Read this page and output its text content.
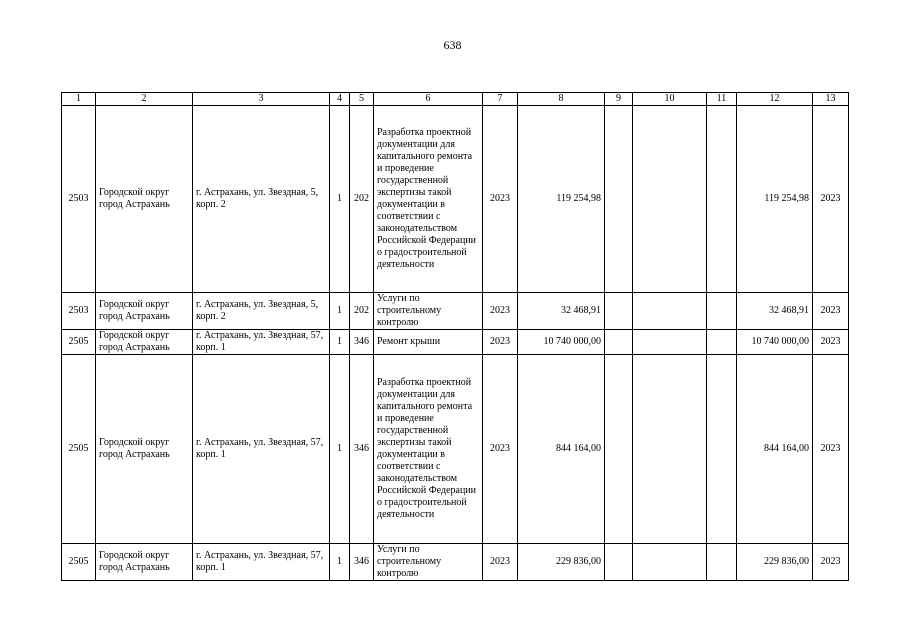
638
1	2	3	4	5	6	7	8	9	10	11	12	13
2503	Городской округ город Астрахань	г. Астрахань, ул. Звездная, 5, корп. 2	1	202	Разработка проектной документации для капитального ремонта и проведение государственной экспертизы такой документации в соответствии с законодательством Российской Федерации о градостроительной деятельности	2023	119 254,98				119 254,98	2023
2503	Городской округ город Астрахань	г. Астрахань, ул. Звездная, 5, корп. 2	1	202	Услуги по строительному контролю	2023	32 468,91				32 468,91	2023
2505	Городской округ город Астрахань	г. Астрахань, ул. Звездная, 57, корп. 1	1	346	Ремонт крыши	2023	10 740 000,00				10 740 000,00	2023
2505	Городской округ город Астрахань	г. Астрахань, ул. Звездная, 57, корп. 1	1	346	Разработка проектной документации для капитального ремонта и проведение государственной экспертизы такой документации в соответствии с законодательством Российской Федерации о градостроительной деятельности	2023	844 164,00				844 164,00	2023
2505	Городской округ город Астрахань	г. Астрахань, ул. Звездная, 57, корп. 1	1	346	Услуги по строительному контролю	2023	229 836,00				229 836,00	2023
